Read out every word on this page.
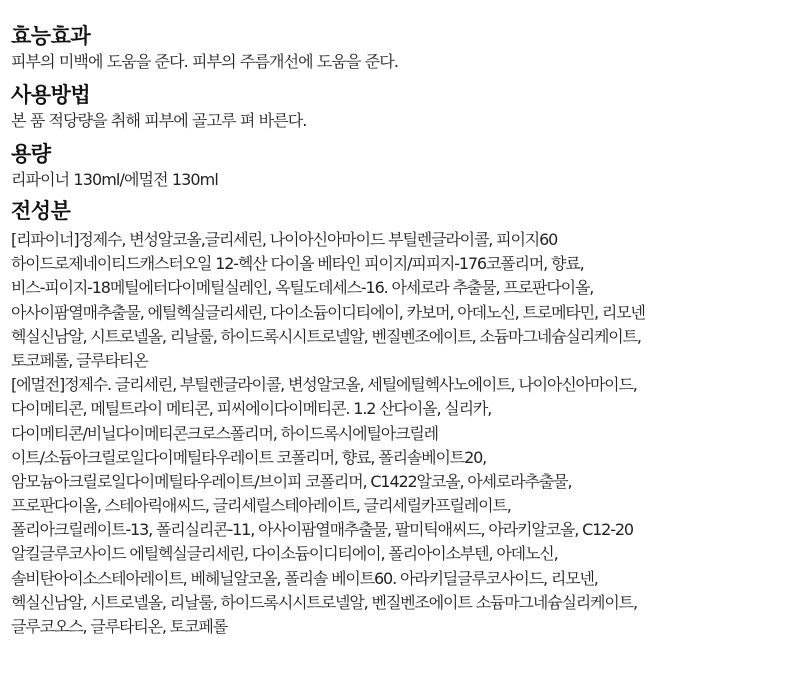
효능효과

피부의 미백에 도움을 준다. 피부의 주름개선에 도움을 준다.

사용방법

본 품 적당량을 취해 피부에 골고루 펴 바른다.

용량

리파이너 130ml/에멀전 130ml

전성분

[리파이너]정제수, 변성알코올,글리세린, 나이아신아마이드 부틸렌글라이콜, 피이지60

하이드로제네이티드캐스터오일 12-헥산 다이올 베타인 피이지/피피지-176코폴리머, 향료,

비스-피이지-18메틸에터다이메틸실레인, 옥틸도데세스-16. 아세로라 추출물, 프로판다이올,

아사이팜열매추출물, 에틸헥실글리세린, 다이소듐이디티에이, 카보머, 아데노신, 트로메타민, 리모넨

헥실신남알, 시트로넬올, 리날룰, 하이드록시시트로넬알, 벤질벤조에이트, 소듐마그네슘실리케이트,

토코페롤, 글루타티온

[에멀전]정제수. 글리세린, 부틸렌글라이콜, 변성알코올, 세틸에틸헥사노에이트, 나이아신아마이드,

다이메티콘, 메틸트라이 메티콘, 피씨에이다이메티콘. 1.2 산다이올, 실리카,

다이메티콘/비닐다이메티콘크로스폴리머, 하이드록시에틸아크릴레

이트/소듐아크릴로일다이메틸타우레이트 코폴리머, 향료, 폴리솔베이트20,

암모늄아크릴로일다이메틸타우레이트/브이피 코폴리머, C1422알코올, 아세로라추출물,

프로판다이올, 스테아릭애씨드, 글리세릴스테아레이트, 글리세릴카프릴레이트,

폴리아크릴레이트-13, 폴리실리콘-11, 아사이팜열매추출물, 팔미틱애씨드, 아라키알코올, C12-20

알킬글루코사이드 에틸헥실글리세린, 다이소듐이디티에이, 폴리아이소부텐, 아데노신,

솔비탄아이소스테아레이트, 베헤닐알코올, 폴리솔 베이트60. 아라키딜글루코사이드, 리모넨,

헥실신남알, 시트로넬올, 리날룰, 하이드록시시트로넬알, 벤질벤조에이트 소듐마그네슘실리케이트,

글루코오스, 글루타티온, 토코페롤
